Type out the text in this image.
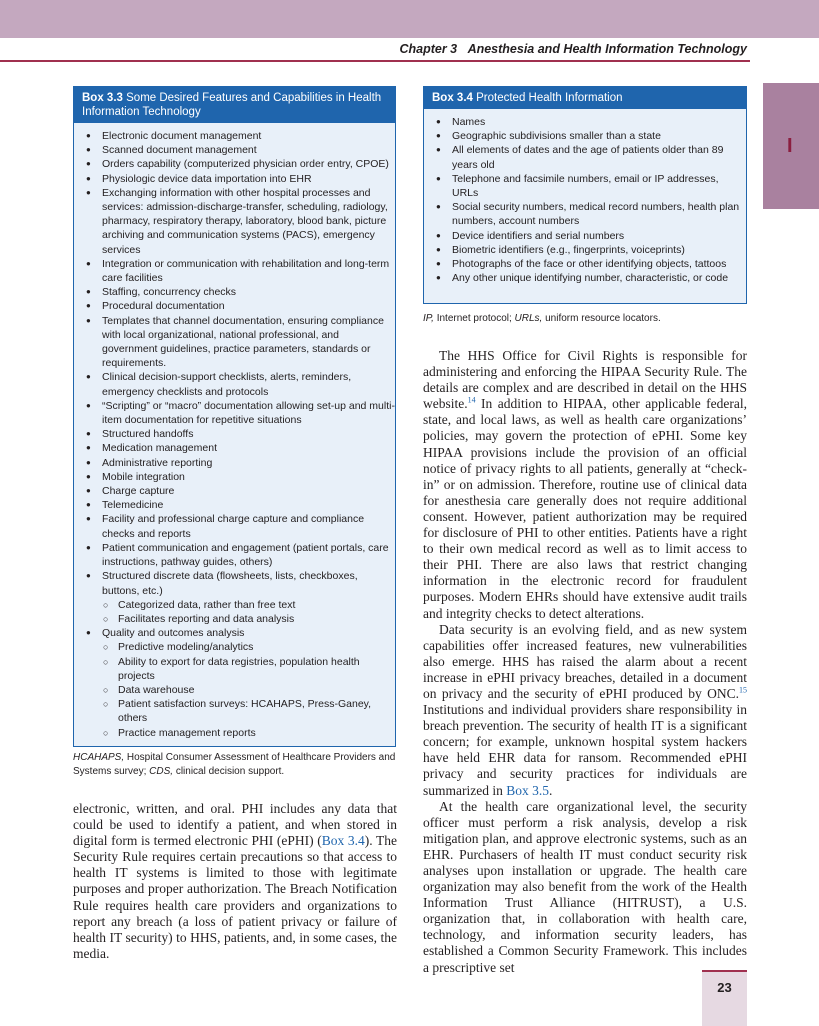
Chapter 3 Anesthesia and Health Information Technology
I
Box 3.3 Some Desired Features and Capabilities in Health Information Technology
● Electronic document management
● Scanned document management
● Orders capability (computerized physician order entry, CPOE)
● Physiologic device data importation into EHR
● Exchanging information with other hospital processes and services: admission-discharge-transfer, scheduling, radiology, pharmacy, respiratory therapy, laboratory, blood bank, picture archiving and communication systems (PACS), emergency services
● Integration or communication with rehabilitation and long-term care facilities
● Staffing, concurrency checks
● Procedural documentation
● Templates that channel documentation, ensuring compliance with local organizational, national professional, and government guidelines, practice parameters, standards or requirements.
● Clinical decision-support checklists, alerts, reminders, emergency checklists and protocols
● “Scripting” or “macro” documentation allowing set-up and multi-item documentation for repetitive situations
● Structured handoffs
● Medication management
● Administrative reporting
● Mobile integration
● Charge capture
● Telemedicine
● Facility and professional charge capture and compliance checks and reports
● Patient communication and engagement (patient portals, care instructions, pathway guides, others)
● Structured discrete data (flowsheets, lists, checkboxes, buttons, etc.)
○ Categorized data, rather than free text
○ Facilitates reporting and data analysis
● Quality and outcomes analysis
○ Predictive modeling/analytics
○ Ability to export for data registries, population health projects
○ Data warehouse
○ Patient satisfaction surveys: HCAHAPS, Press-Ganey, others
○ Practice management reports
HCAHAPS, Hospital Consumer Assessment of Healthcare Providers and Systems survey; CDS, clinical decision support.
Box 3.4 Protected Health Information
● Names
● Geographic subdivisions smaller than a state
● All elements of dates and the age of patients older than 89 years old
● Telephone and facsimile numbers, email or IP addresses, URLs
● Social security numbers, medical record numbers, health plan numbers, account numbers
● Device identifiers and serial numbers
● Biometric identifiers (e.g., fingerprints, voiceprints)
● Photographs of the face or other identifying objects, tattoos
● Any other unique identifying number, characteristic, or code
IP, Internet protocol; URLs, uniform resource locators.

electronic, written, and oral. PHI includes any data that could be used to identify a patient, and when stored in digital form is termed electronic PHI (ePHI) (Box 3.4). The Security Rule requires certain precautions so that access to health IT systems is limited to those with legitimate purposes and proper authorization. The Breach Notification Rule requires health care providers and organizations to report any breach (a loss of patient privacy or failure of health IT security) to HHS, patients, and, in some cases, the media.

The HHS Office for Civil Rights is responsible for administering and enforcing the HIPAA Security Rule. The details are complex and are described in detail on the HHS website.$^{14}$ In addition to HIPAA, other applicable federal, state, and local laws, as well as health care organizations’ policies, may govern the protection of ePHI. Some key HIPAA provisions include the provision of an official notice of privacy rights to all patients, generally at “check-in” or on admission. Therefore, routine use of clinical data for anesthesia care generally does not require additional consent. However, patient authorization may be required for disclosure of PHI to other entities. Patients have a right to their own medical record as well as to limit access to their PHI. There are also laws that restrict changing information in the electronic record for fraudulent purposes. Modern EHRs should have extensive audit trails and integrity checks to detect alterations.

Data security is an evolving field, and as new system capabilities offer increased features, new vulnerabilities also emerge. HHS has raised the alarm about a recent increase in ePHI privacy breaches, detailed in a document on privacy and the security of ePHI produced by ONC.$^{15}$ Institutions and individual providers share responsibility in breach prevention. The security of health IT is a significant concern; for example, unknown hospital system hackers have held EHR data for ransom. Recommended ePHI privacy and security practices for individuals are summarized in Box 3.5.

At the health care organizational level, the security officer must perform a risk analysis, develop a risk mitigation plan, and approve electronic systems, such as an EHR. Purchasers of health IT must conduct security risk analyses upon installation or upgrade. The health care organization may also benefit from the work of the Health Information Trust Alliance (HITRUST), a U.S. organization that, in collaboration with health care, technology, and information security leaders, has established a Common Security Framework. This includes a prescriptive set

23
